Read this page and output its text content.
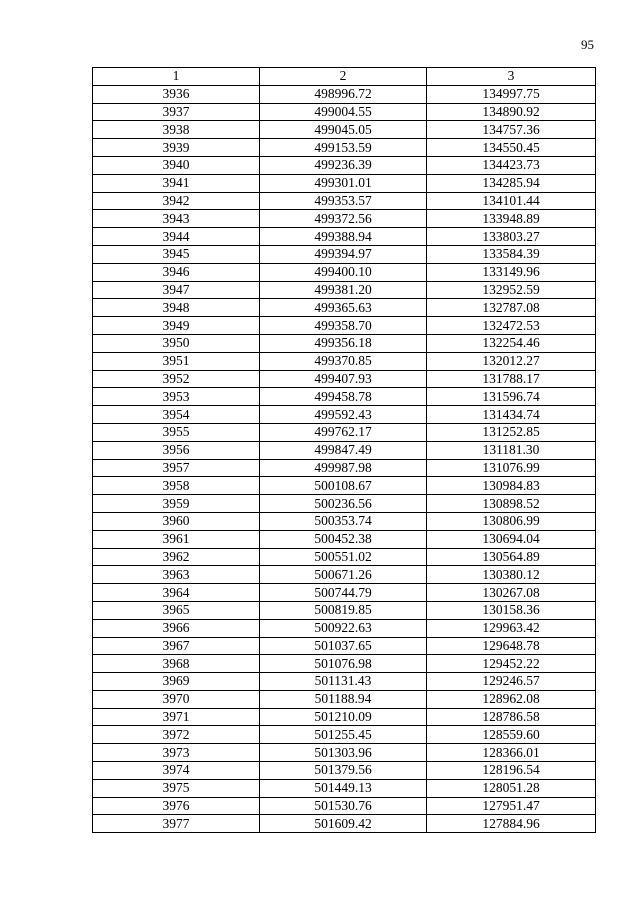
95
1	2	3
3936	498996.72	134997.75
3937	499004.55	134890.92
3938	499045.05	134757.36
3939	499153.59	134550.45
3940	499236.39	134423.73
3941	499301.01	134285.94
3942	499353.57	134101.44
3943	499372.56	133948.89
3944	499388.94	133803.27
3945	499394.97	133584.39
3946	499400.10	133149.96
3947	499381.20	132952.59
3948	499365.63	132787.08
3949	499358.70	132472.53
3950	499356.18	132254.46
3951	499370.85	132012.27
3952	499407.93	131788.17
3953	499458.78	131596.74
3954	499592.43	131434.74
3955	499762.17	131252.85
3956	499847.49	131181.30
3957	499987.98	131076.99
3958	500108.67	130984.83
3959	500236.56	130898.52
3960	500353.74	130806.99
3961	500452.38	130694.04
3962	500551.02	130564.89
3963	500671.26	130380.12
3964	500744.79	130267.08
3965	500819.85	130158.36
3966	500922.63	129963.42
3967	501037.65	129648.78
3968	501076.98	129452.22
3969	501131.43	129246.57
3970	501188.94	128962.08
3971	501210.09	128786.58
3972	501255.45	128559.60
3973	501303.96	128366.01
3974	501379.56	128196.54
3975	501449.13	128051.28
3976	501530.76	127951.47
3977	501609.42	127884.96
